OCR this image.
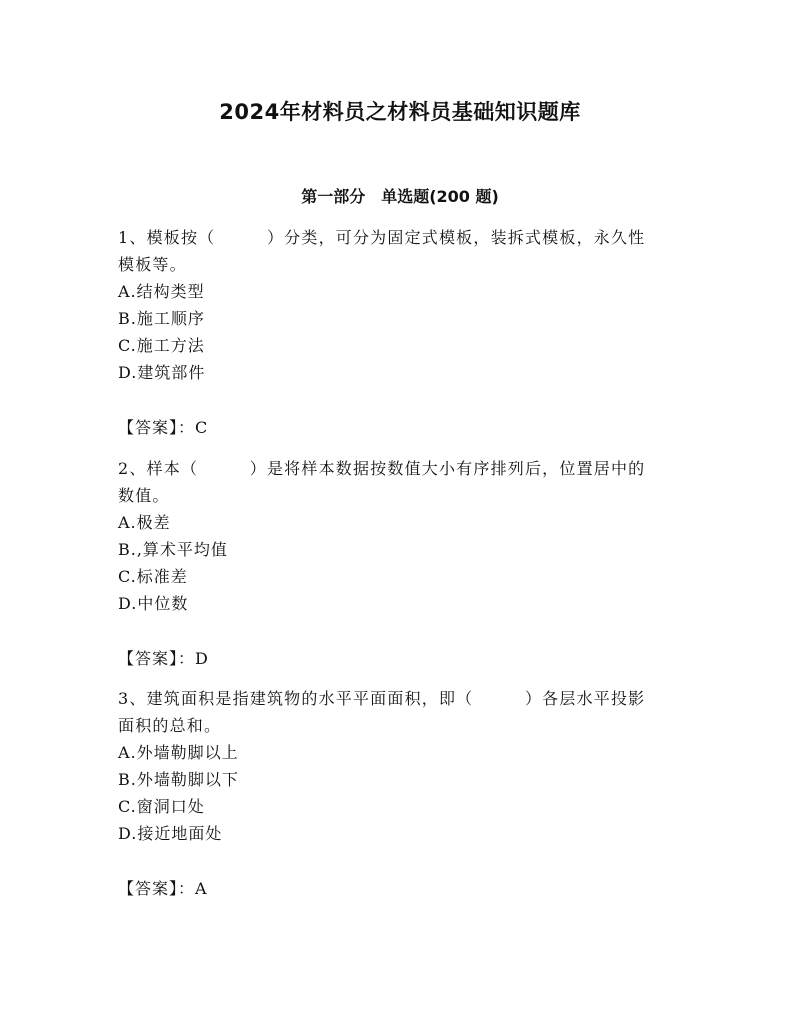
2024年材料员之材料员基础知识题库
第一部分　单选题(200 题)

1、模板按（　　　）分类，可分为固定式模板，装拆式模板，永久性

模板等。

A.结构类型

B.施工顺序

C.施工方法

D.建筑部件

【答案】：C

2、样本（　　　）是将样本数据按数值大小有序排列后，位置居中的

数值。

A.极差

B.,算术平均值

C.标准差

D.中位数

【答案】：D

3、建筑面积是指建筑物的水平平面面积，即（　　　）各层水平投影

面积的总和。

A.外墙勒脚以上

B.外墙勒脚以下

C.窗洞口处

D.接近地面处

【答案】：A
